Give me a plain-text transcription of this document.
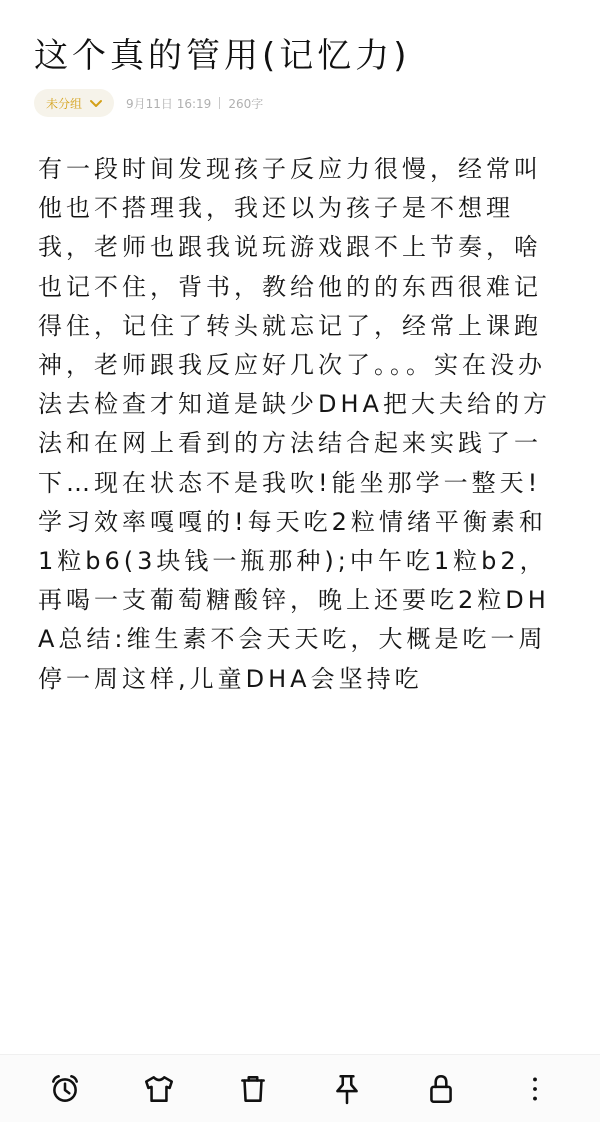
这个真的管用(记忆力)
未分组	9月11日 16:19 260字
有一段时间发现孩子反应力很慢，经常叫他也不搭理我，我还以为孩子是不想理我，老师也跟我说玩游戏跟不上节奏，啥也记不住，背书，教给他的的东西很难记得住，记住了转头就忘记了，经常上课跑神，老师跟我反应好几次了。。。实在没办法去检查才知道是缺少DHA把大夫给的方法和在网上看到的方法结合起来实践了一下…现在状态不是我吹!能坐那学一整天!学习效率嘎嘎的!每天吃2粒情绪平衡素和1粒b6(3块钱一瓶那种);中午吃1粒b2，再喝一支葡萄糖酸锌，晚上还要吃2粒DHA总结:维生素不会天天吃，大概是吃一周停一周这样,儿童DHA会坚持吃
